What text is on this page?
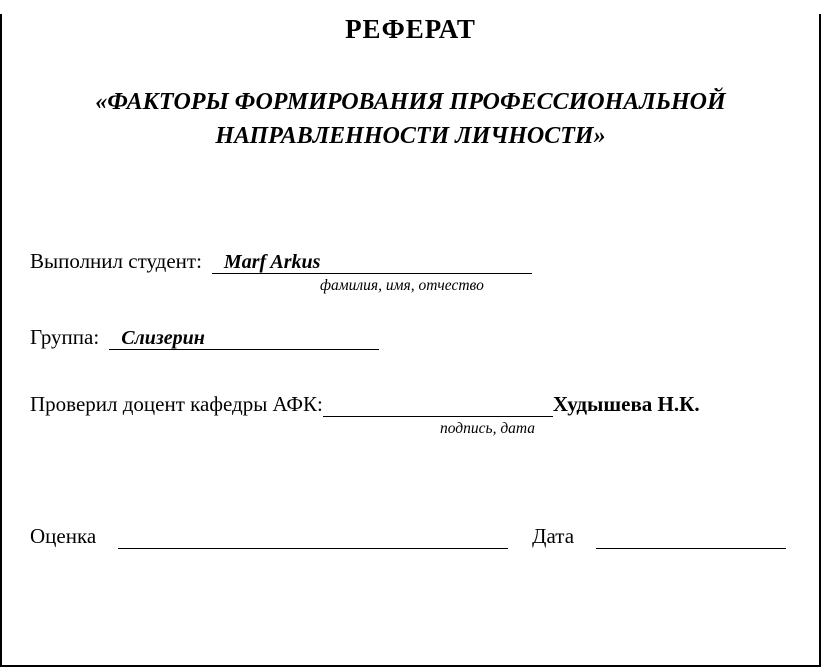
РЕФЕРАТ
«ФАКТОРЫ ФОРМИРОВАНИЯ ПРОФЕССИОНАЛЬНОЙ НАПРАВЛЕННОСТИ ЛИЧНОСТИ»
Выполнил студент: Marf Arkus
фамилия, имя, отчество
Группа: Слизерин
Проверил доцент кафедры АФК:	Худышева Н.К.
подпись, дата
Оценка	Дата
